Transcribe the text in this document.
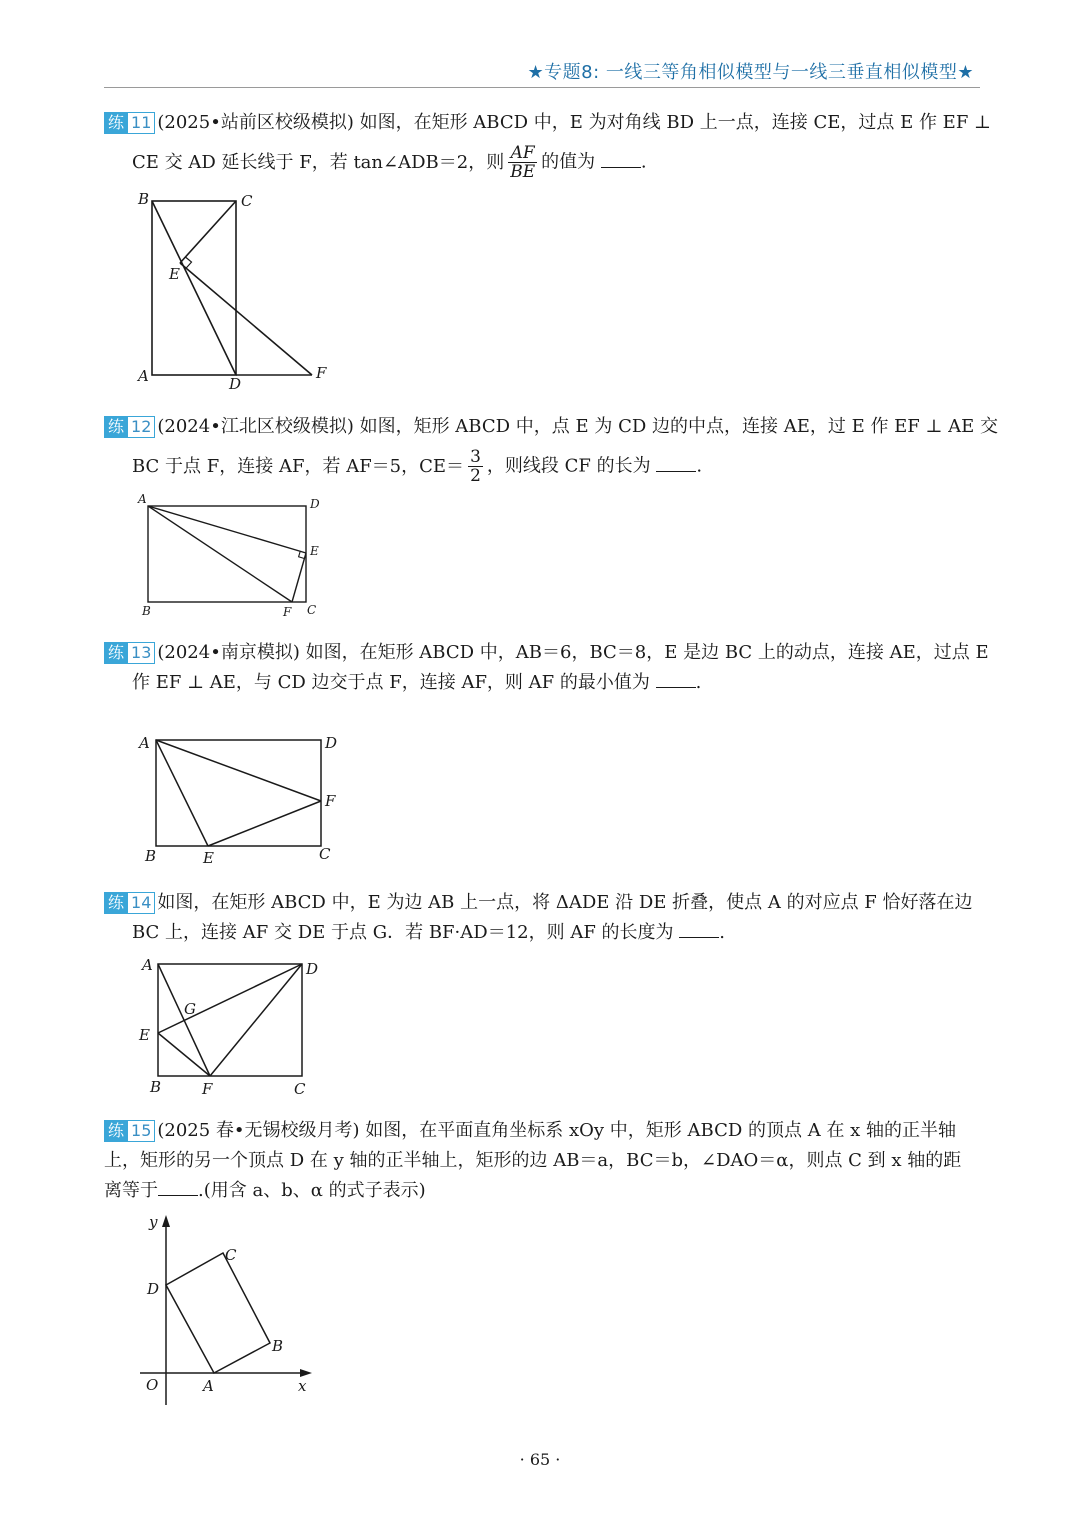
★专题8: 一线三等角相似模型与一线三垂直相似模型★
练 11 (2025•站前区校级模拟) 如图，在矩形 ABCD 中，E 为对角线 BD 上一点，连接 CE，过点 E 作 EF ⊥
CE 交 AD 延长线于 F，若 tan∠ADB＝2，则 $\frac{AF}{BE}$ 的值为	.
B	C
E
A	D
F
练 12 (2024•江北区校级模拟) 如图，矩形 ABCD 中，点 E 为 CD 边的中点，连接 AE，过 E 作 EF ⊥ AE 交
BC 于点 F，连接 AF，若 AF＝5，$CE= \frac{3}{2}$ ，则线段 CF 的长为	.
A	D
E
B	F C
练 13 (2024•南京模拟) 如图，在矩形 ABCD 中，AB＝6，BC＝8，E 是边 BC 上的动点，连接 AE，过点 E
作 EF ⊥ AE，与 CD 边交于点 F，连接 AF，则 AF 的最小值为	.
A	D
F
B	E	C
练 14 如图，在矩形 ABCD 中，E 为边 AB 上一点，将 ΔADE 沿 DE 折叠，使点 A 的对应点 F 恰好落在边
BC 上，连接 AF 交 DE 于点 G．若 BF·AD＝12，则 AF 的长度为	.
A	D
G
E
B	F	C
练 15 (2025 春•无锡校级月考) 如图，在平面直角坐标系 xOy 中，矩形 ABCD 的顶点 A 在 x 轴的正半轴
上，矩形的另一个顶点 D 在 y 轴的正半轴上，矩形的边 AB＝a，BC＝b，∠DAO＝α，则点 C 到 x 轴的距
离等于 .(用含 a、b、α 的式子表示)
y
C
D
B
O	A	x
· 65 ·
